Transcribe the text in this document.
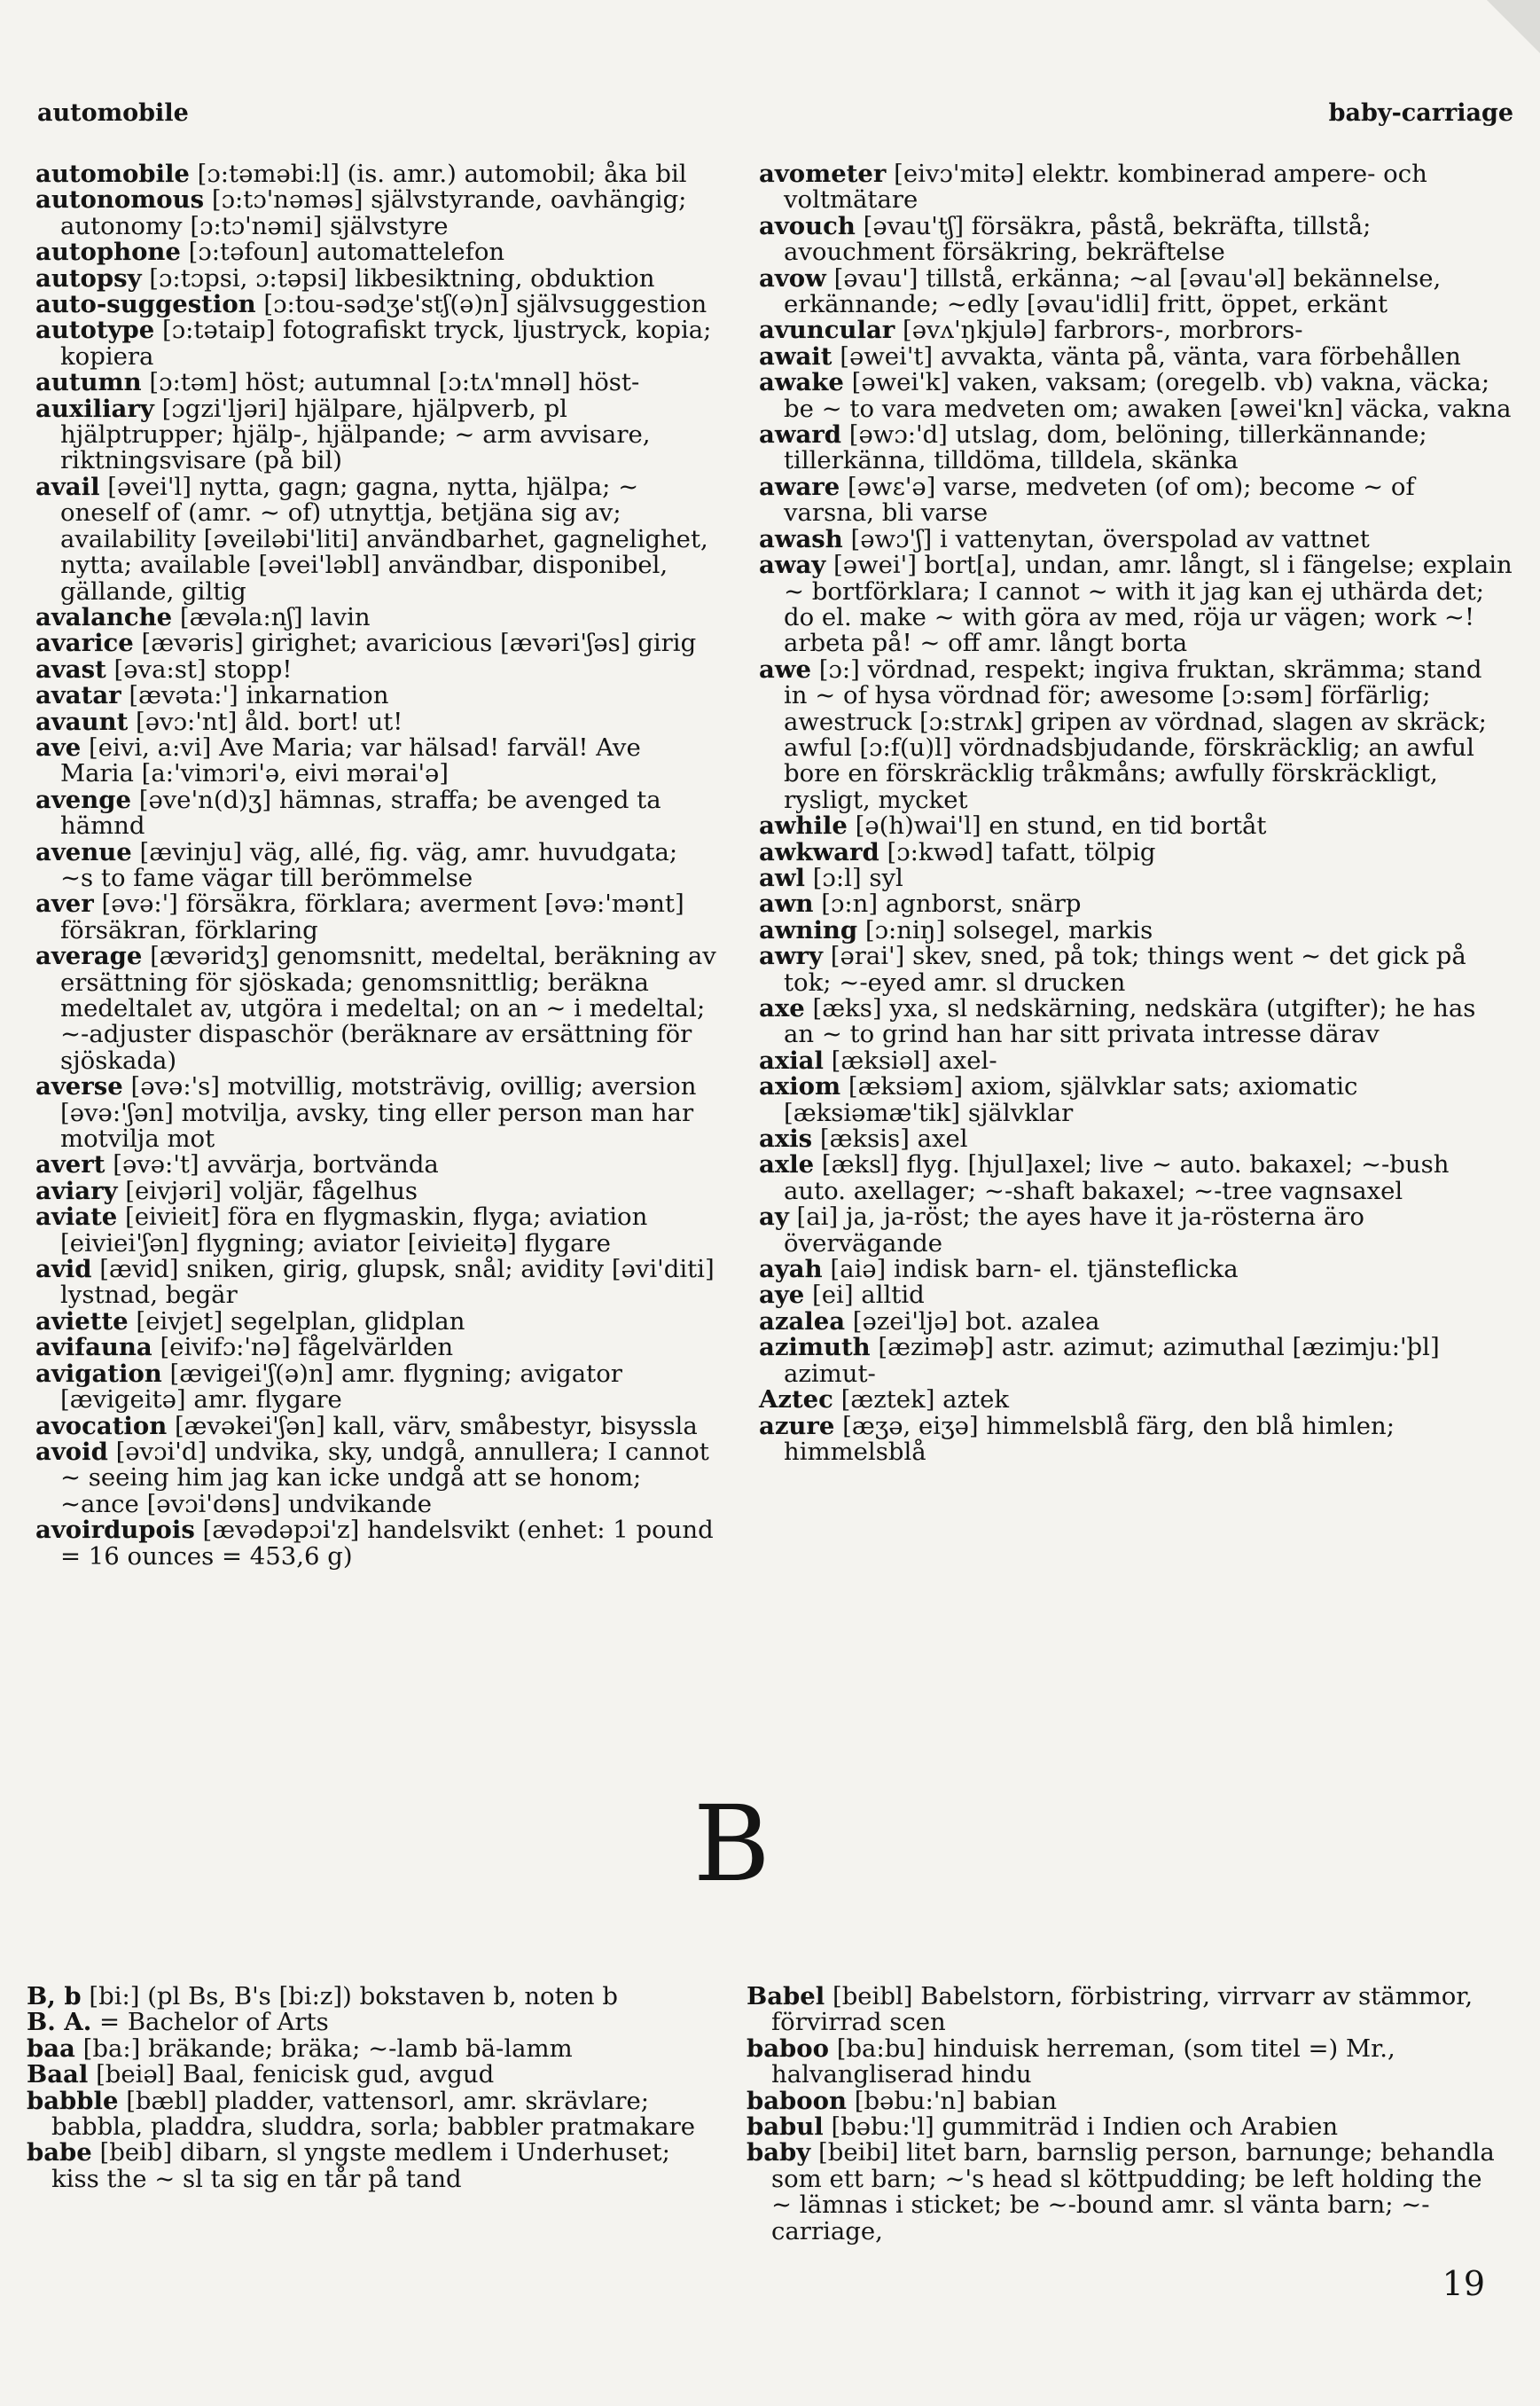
automobile	baby-carriage

automobile [ɔ:təməbi:l] (is. amr.) automobil; åka bil

autonomous [ɔ:tɔ'nəməs] självstyrande, oavhängig; autonomy [ɔ:tɔ'nəmi] självstyre

autophone [ɔ:təfoun] automattelefon

autopsy [ɔ:tɔpsi, ɔ:təpsi] likbesiktning, obduktion

auto-suggestion [ɔ:tou-sədʒe'stʃ(ə)n] självsuggestion

autotype [ɔ:tətaip] fotografiskt tryck, ljustryck, kopia; kopiera

autumn [ɔ:təm] höst; autumnal [ɔ:tʌ'mnəl] höst-

auxiliary [ɔgzi'ljəri] hjälpare, hjälpverb, pl hjälptrupper; hjälp-, hjälpande; ~ arm avvisare, riktningsvisare (på bil)

avail [əvei'l] nytta, gagn; gagna, nytta, hjälpa; ~ oneself of (amr. ~ of) utnyttja, betjäna sig av; availability [əveiləbi'liti] användbarhet, gagnelighet, nytta; available [əvei'ləbl] användbar, disponibel, gällande, giltig

avalanche [ævəla:nʃ] lavin

avarice [ævəris] girighet; avaricious [ævəri'ʃəs] girig

avast [əva:st] stopp!

avatar [ævəta:'] inkarnation

avaunt [əvɔ:'nt] åld. bort! ut!

ave [eivi, a:vi] Ave Maria; var hälsad! farväl! Ave Maria [a:'vimɔri'ə, eivi mərai'ə]

avenge [əve'n(d)ʒ] hämnas, straffa; be avenged ta hämnd

avenue [ævinju] väg, allé, fig. väg, amr. huvudgata; ~s to fame vägar till berömmelse

aver [əvə:'] försäkra, förklara; averment [əvə:'mənt] försäkran, förklaring

average [ævəridʒ] genomsnitt, medeltal, beräkning av ersättning för sjöskada; genomsnittlig; beräkna medeltalet av, utgöra i medeltal; on an ~ i medeltal; ~-adjuster dispaschör (beräknare av ersättning för sjöskada)

averse [əvə:'s] motvillig, motsträvig, ovillig; aversion [əvə:'ʃən] motvilja, avsky, ting eller person man har motvilja mot

avert [əvə:'t] avvärja, bortvända

aviary [eivjəri] voljär, fågelhus

aviate [eivieit] föra en flygmaskin, flyga; aviation [eiviei'ʃən] flygning; aviator [eivieitə] flygare

avid [ævid] sniken, girig, glupsk, snål; avidity [əvi'diti] lystnad, begär

aviette [eivjet] segelplan, glidplan

avifauna [eivifɔ:'nə] fågelvärlden

avigation [ævigei'ʃ(ə)n] amr. flygning; avigator [ævigeitə] amr. flygare

avocation [ævəkei'ʃən] kall, värv, småbestyr, bisyssla

avoid [əvɔi'd] undvika, sky, undgå, annullera; I cannot ~ seeing him jag kan icke undgå att se honom; ~ance [əvɔi'dəns] undvikande

avoirdupois [ævədəpɔi'z] handelsvikt (enhet: 1 pound = 16 ounces = 453,6 g)

avometer [eivɔ'mitə] elektr. kombinerad ampere- och voltmätare

avouch [əvau'tʃ] försäkra, påstå, bekräfta, tillstå; avouchment försäkring, bekräftelse

avow [əvau'] tillstå, erkänna; ~al [əvau'əl] bekännelse, erkännande; ~edly [əvau'idli] fritt, öppet, erkänt

avuncular [əvʌ'ŋkjulə] farbrors-, morbrors-

await [əwei't] avvakta, vänta på, vänta, vara förbehållen

awake [əwei'k] vaken, vaksam; (oregelb. vb) vakna, väcka; be ~ to vara medveten om; awaken [əwei'kn] väcka, vakna

award [əwɔ:'d] utslag, dom, belöning, tillerkännande; tillerkänna, tilldöma, tilldela, skänka

aware [əwɛ'ə] varse, medveten (of om); become ~ of varsna, bli varse

awash [əwɔ'ʃ] i vattenytan, överspolad av vattnet

away [əwei'] bort[a], undan, amr. långt, sl i fängelse; explain ~ bortförklara; I cannot ~ with it jag kan ej uthärda det; do el. make ~ with göra av med, röja ur vägen; work ~! arbeta på! ~ off amr. långt borta

awe [ɔ:] vördnad, respekt; ingiva fruktan, skrämma; stand in ~ of hysa vördnad för; awesome [ɔ:səm] förfärlig; awestruck [ɔ:strʌk] gripen av vördnad, slagen av skräck; awful [ɔ:f(u)l] vördnadsbjudande, förskräcklig; an awful bore en förskräcklig tråkmåns; awfully förskräckligt, rysligt, mycket

awhile [ə(h)wai'l] en stund, en tid bortåt

awkward [ɔ:kwəd] tafatt, tölpig

awl [ɔ:l] syl

awn [ɔ:n] agnborst, snärp

awning [ɔ:niŋ] solsegel, markis

awry [ərai'] skev, sned, på tok; things went ~ det gick på tok; ~-eyed amr. sl drucken

axe [æks] yxa, sl nedskärning, nedskära (utgifter); he has an ~ to grind han har sitt privata intresse därav

axial [æksiəl] axel-

axiom [æksiəm] axiom, självklar sats; axiomatic [æksiəmæ'tik] självklar

axis [æksis] axel

axle [æksl] flyg. [hjul]axel; live ~ auto. bakaxel; ~-bush auto. axellager; ~-shaft bakaxel; ~-tree vagnsaxel

ay [ai] ja, ja-röst; the ayes have it ja-rösterna äro övervägande

ayah [aiə] indisk barn- el. tjänsteflicka

aye [ei] alltid

azalea [əzei'ljə] bot. azalea

azimuth [æziməþ] astr. azimut; azimuthal [æzimju:'þl] azimut-

Aztec [æztek] aztek

azure [æʒə, eiʒə] himmelsblå färg, den blå himlen; himmelsblå

B

B, b [bi:] (pl Bs, B's [bi:z]) bokstaven b, noten b

B. A. = Bachelor of Arts

baa [ba:] bräkande; bräka; ~-lamb bä-lamm

Baal [beiəl] Baal, fenicisk gud, avgud

babble [bæbl] pladder, vattensorl, amr. skrävlare; babbla, pladdra, sluddra, sorla; babbler pratmakare

babe [beib] dibarn, sl yngste medlem i Underhuset; kiss the ~ sl ta sig en tår på tand

Babel [beibl] Babelstorn, förbistring, virrvarr av stämmor, förvirrad scen

baboo [ba:bu] hinduisk herreman, (som titel =) Mr., halvangliserad hindu

baboon [bəbu:'n] babian

babul [bəbu:'l] gummiträd i Indien och Arabien

baby [beibi] litet barn, barnslig person, barnunge; behandla som ett barn; ~'s head sl köttpudding; be left holding the ~ lämnas i sticket; be ~-bound amr. sl vänta barn; ~-carriage,

19
